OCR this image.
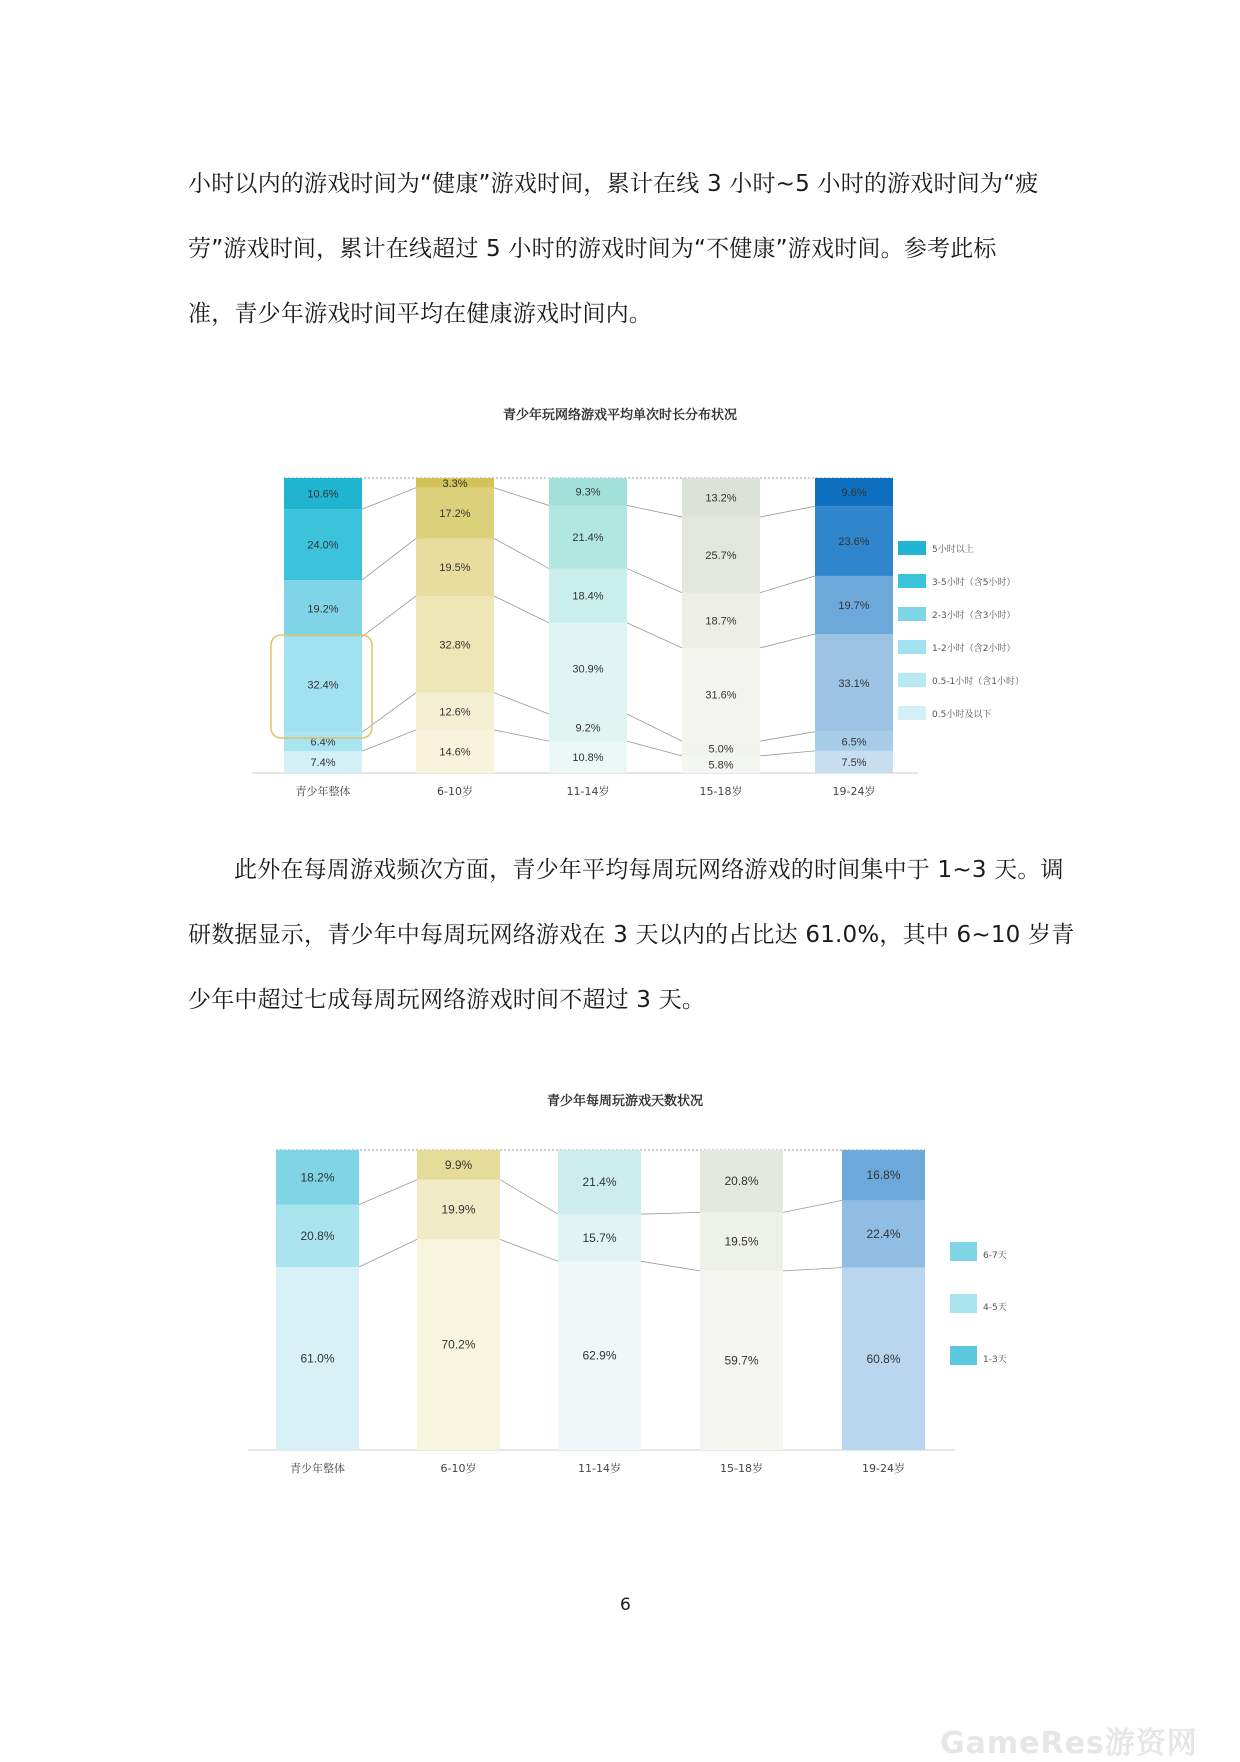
小时以内的游戏时间为“健康”游戏时间，累计在线 3 小时~5 小时的游戏时间为“疲
劳”游戏时间，累计在线超过 5 小时的游戏时间为“不健康”游戏时间。参考此标
准，青少年游戏时间平均在健康游戏时间内。

青少年玩网络游戏平均单次时长分布状况
7.4%
6.4%
32.4%
19.2%
24.0%
10.6%
青少年整体
14.6%
12.6%
32.8%
19.5%
17.2%
3.3%
6-10岁
10.8%
9.2%
30.9%
18.4%
21.4%
9.3%
11-14岁
5.8%
5.0%
31.6%
18.7%
25.7%
13.2%
15-18岁
7.5%
6.5%
33.1%
19.7%
23.6%
9.6%
19-24岁
5小时以上
3-5小时（含5小时）
2-3小时（含3小时）
1-2小时（含2小时）
0.5-1小时（含1小时）
0.5小时及以下

此外在每周游戏频次方面，青少年平均每周玩网络游戏的时间集中于 1~3 天。调
研数据显示，青少年中每周玩网络游戏在 3 天以内的占比达 61.0%，其中 6~10 岁青
少年中超过七成每周玩网络游戏时间不超过 3 天。

青少年每周玩游戏天数状况
61.0%
20.8%
18.2%
青少年整体
70.2%
19.9%
9.9%
6-10岁
62.9%
15.7%
21.4%
11-14岁
59.7%
19.5%
20.8%
15-18岁
60.8%
22.4%
16.8%
19-24岁
6-7天
4-5天
1-3天
6
GameRes游资网
